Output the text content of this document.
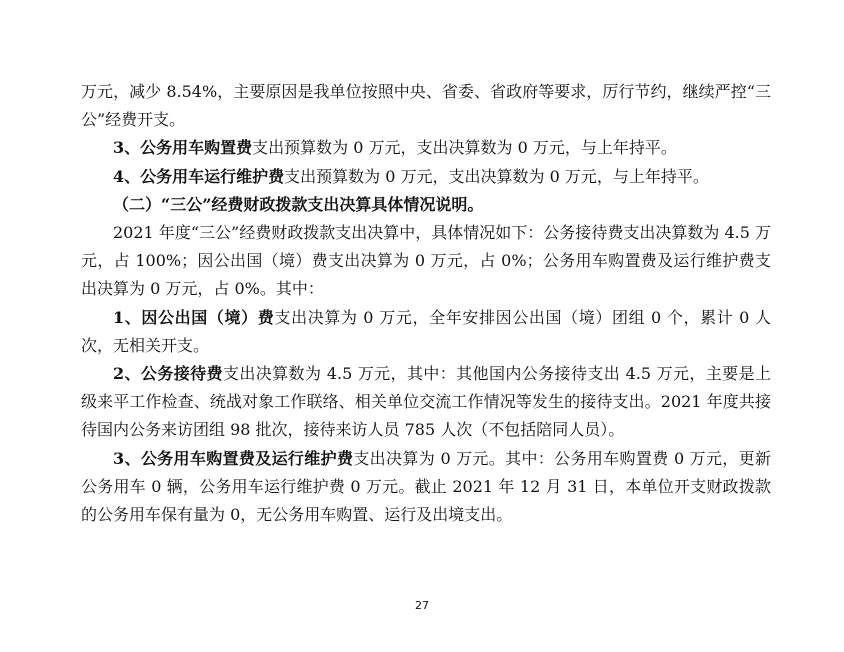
万元，减少 8.54%，主要原因是我单位按照中央、省委、省政府等要求，厉行节约，继续严控“三公”经费开支。

3、公务用车购置费支出预算数为 0 万元，支出决算数为 0 万元，与上年持平。

4、公务用车运行维护费支出预算数为 0 万元，支出决算数为 0 万元，与上年持平。

（二）“三公”经费财政拨款支出决算具体情况说明。

2021 年度“三公”经费财政拨款支出决算中，具体情况如下：公务接待费支出决算数为 4.5 万元，占 100%；因公出国（境）费支出决算为 0 万元，占 0%；公务用车购置费及运行维护费支出决算为 0 万元，占 0%。其中：

1、因公出国（境）费支出决算为 0 万元，全年安排因公出国（境）团组 0 个，累计 0 人次，无相关开支。

2、公务接待费支出决算数为 4.5 万元，其中：其他国内公务接待支出 4.5 万元，主要是上级来平工作检查、统战对象工作联络、相关单位交流工作情况等发生的接待支出。2021 年度共接待国内公务来访团组 98 批次，接待来访人员 785 人次（不包括陪同人员）。

3、公务用车购置费及运行维护费支出决算为 0 万元。其中：公务用车购置费 0 万元，更新公务用车 0 辆，公务用车运行维护费 0 万元。截止 2021 年 12 月 31 日，本单位开支财政拨款的公务用车保有量为 0，无公务用车购置、运行及出境支出。

27
